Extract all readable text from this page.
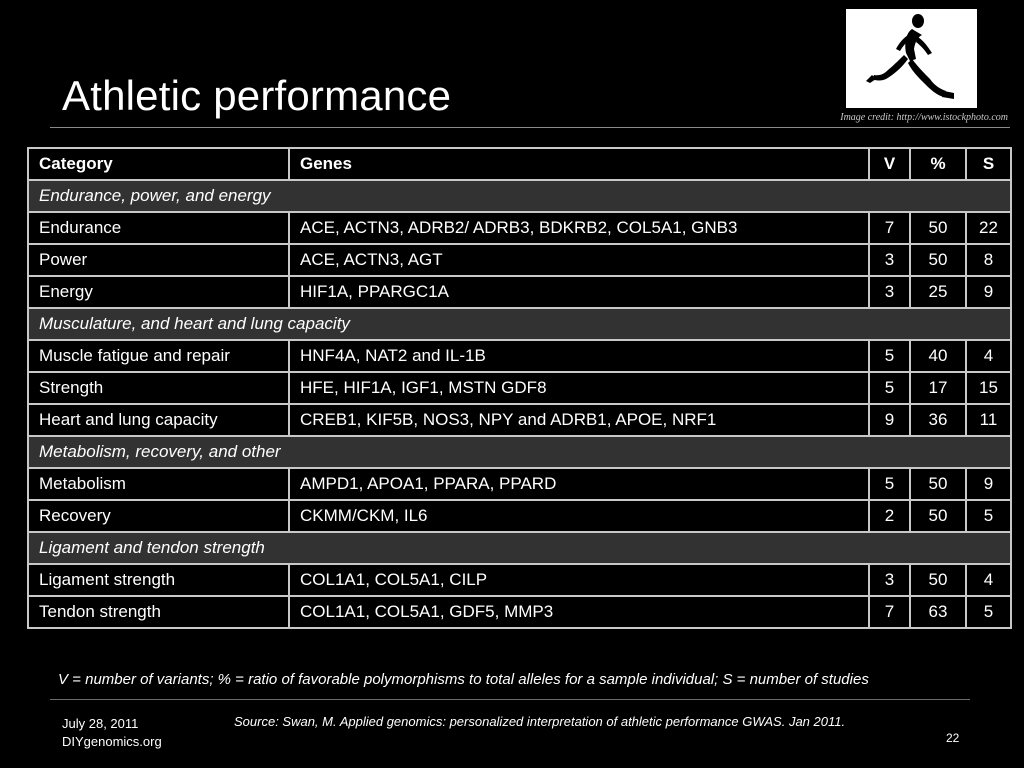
Athletic performance	Image credit: http://www.istockphoto.com
Category	Genes	V	%	S
Endurance, power, and energy				
Endurance	ACE, ACTN3, ADRB2/ ADRB3, BDKRB2, COL5A1, GNB3	7	50	22
Power	ACE, ACTN3, AGT	3	50	8
Energy	HIF1A, PPARGC1A	3	25	9
Musculature, and heart and lung capacity				
Muscle fatigue and repair	HNF4A, NAT2 and IL-1B	5	40	4
Strength	HFE, HIF1A, IGF1, MSTN GDF8	5	17	15
Heart and lung capacity	CREB1, KIF5B, NOS3, NPY and ADRB1, APOE, NRF1	9	36	11
Metabolism, recovery, and other				
Metabolism	AMPD1, APOA1, PPARA, PPARD	5	50	9
Recovery	CKMM/CKM, IL6	2	50	5
Ligament and tendon strength				
Ligament strength	COL1A1, COL5A1, CILP	3	50	4
Tendon strength	COL1A1, COL5A1, GDF5, MMP3	7	63	5
V = number of variants; % = ratio of favorable polymorphisms to total alleles for a sample individual; S = number of studies
July 28, 2011
DIYgenomics.org
Source: Swan, M. Applied genomics: personalized interpretation of athletic performance GWAS. Jan 2011.
22
